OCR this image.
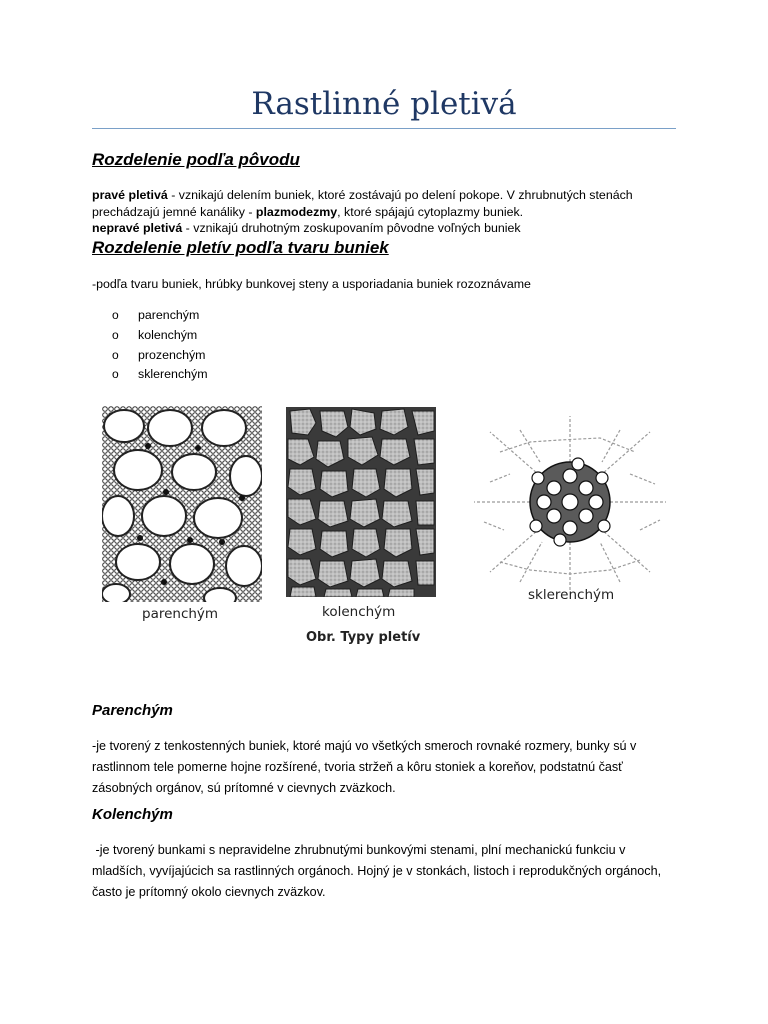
Rastlinné pletivá
Rozdelenie podľa pôvodu
pravé pletivá - vznikajú delením buniek, ktoré zostávajú po delení pokope. V zhrubnutých stenách
prechádzajú jemné kanáliky - plazmodezmy, ktoré spájajú cytoplazmy buniek.
nepravé pletivá - vznikajú druhotným zoskupovaním pôvodne voľných buniek
Rozdelenie pletív podľa tvaru buniek
-podľa tvaru buniek, hrúbky bunkovej steny a usporiadania buniek rozoznávame
o	parenchým
o	kolenchým
o	prozenchým
o	sklerenchým
parenchým	kolenchým
sklerenchým
Obr. Typy pletív
Parenchým
-je tvorený z tenkostenných buniek, ktoré majú vo všetkých smeroch rovnaké rozmery, bunky sú v
rastlinnom tele pomerne hojne rozšírené, tvoria stržeň a kôru stoniek a koreňov, podstatnú časť
zásobných orgánov, sú prítomné v cievnych zväzkoch.
Kolenchým
-je tvorený bunkami s nepravidelne zhrubnutými bunkovými stenami, plní mechanickú funkciu v
mladších, vyvíjajúcich sa rastlinných orgánoch. Hojný je v stonkách, listoch i reprodukčných orgánoch,
často je prítomný okolo cievnych zväzkov.
